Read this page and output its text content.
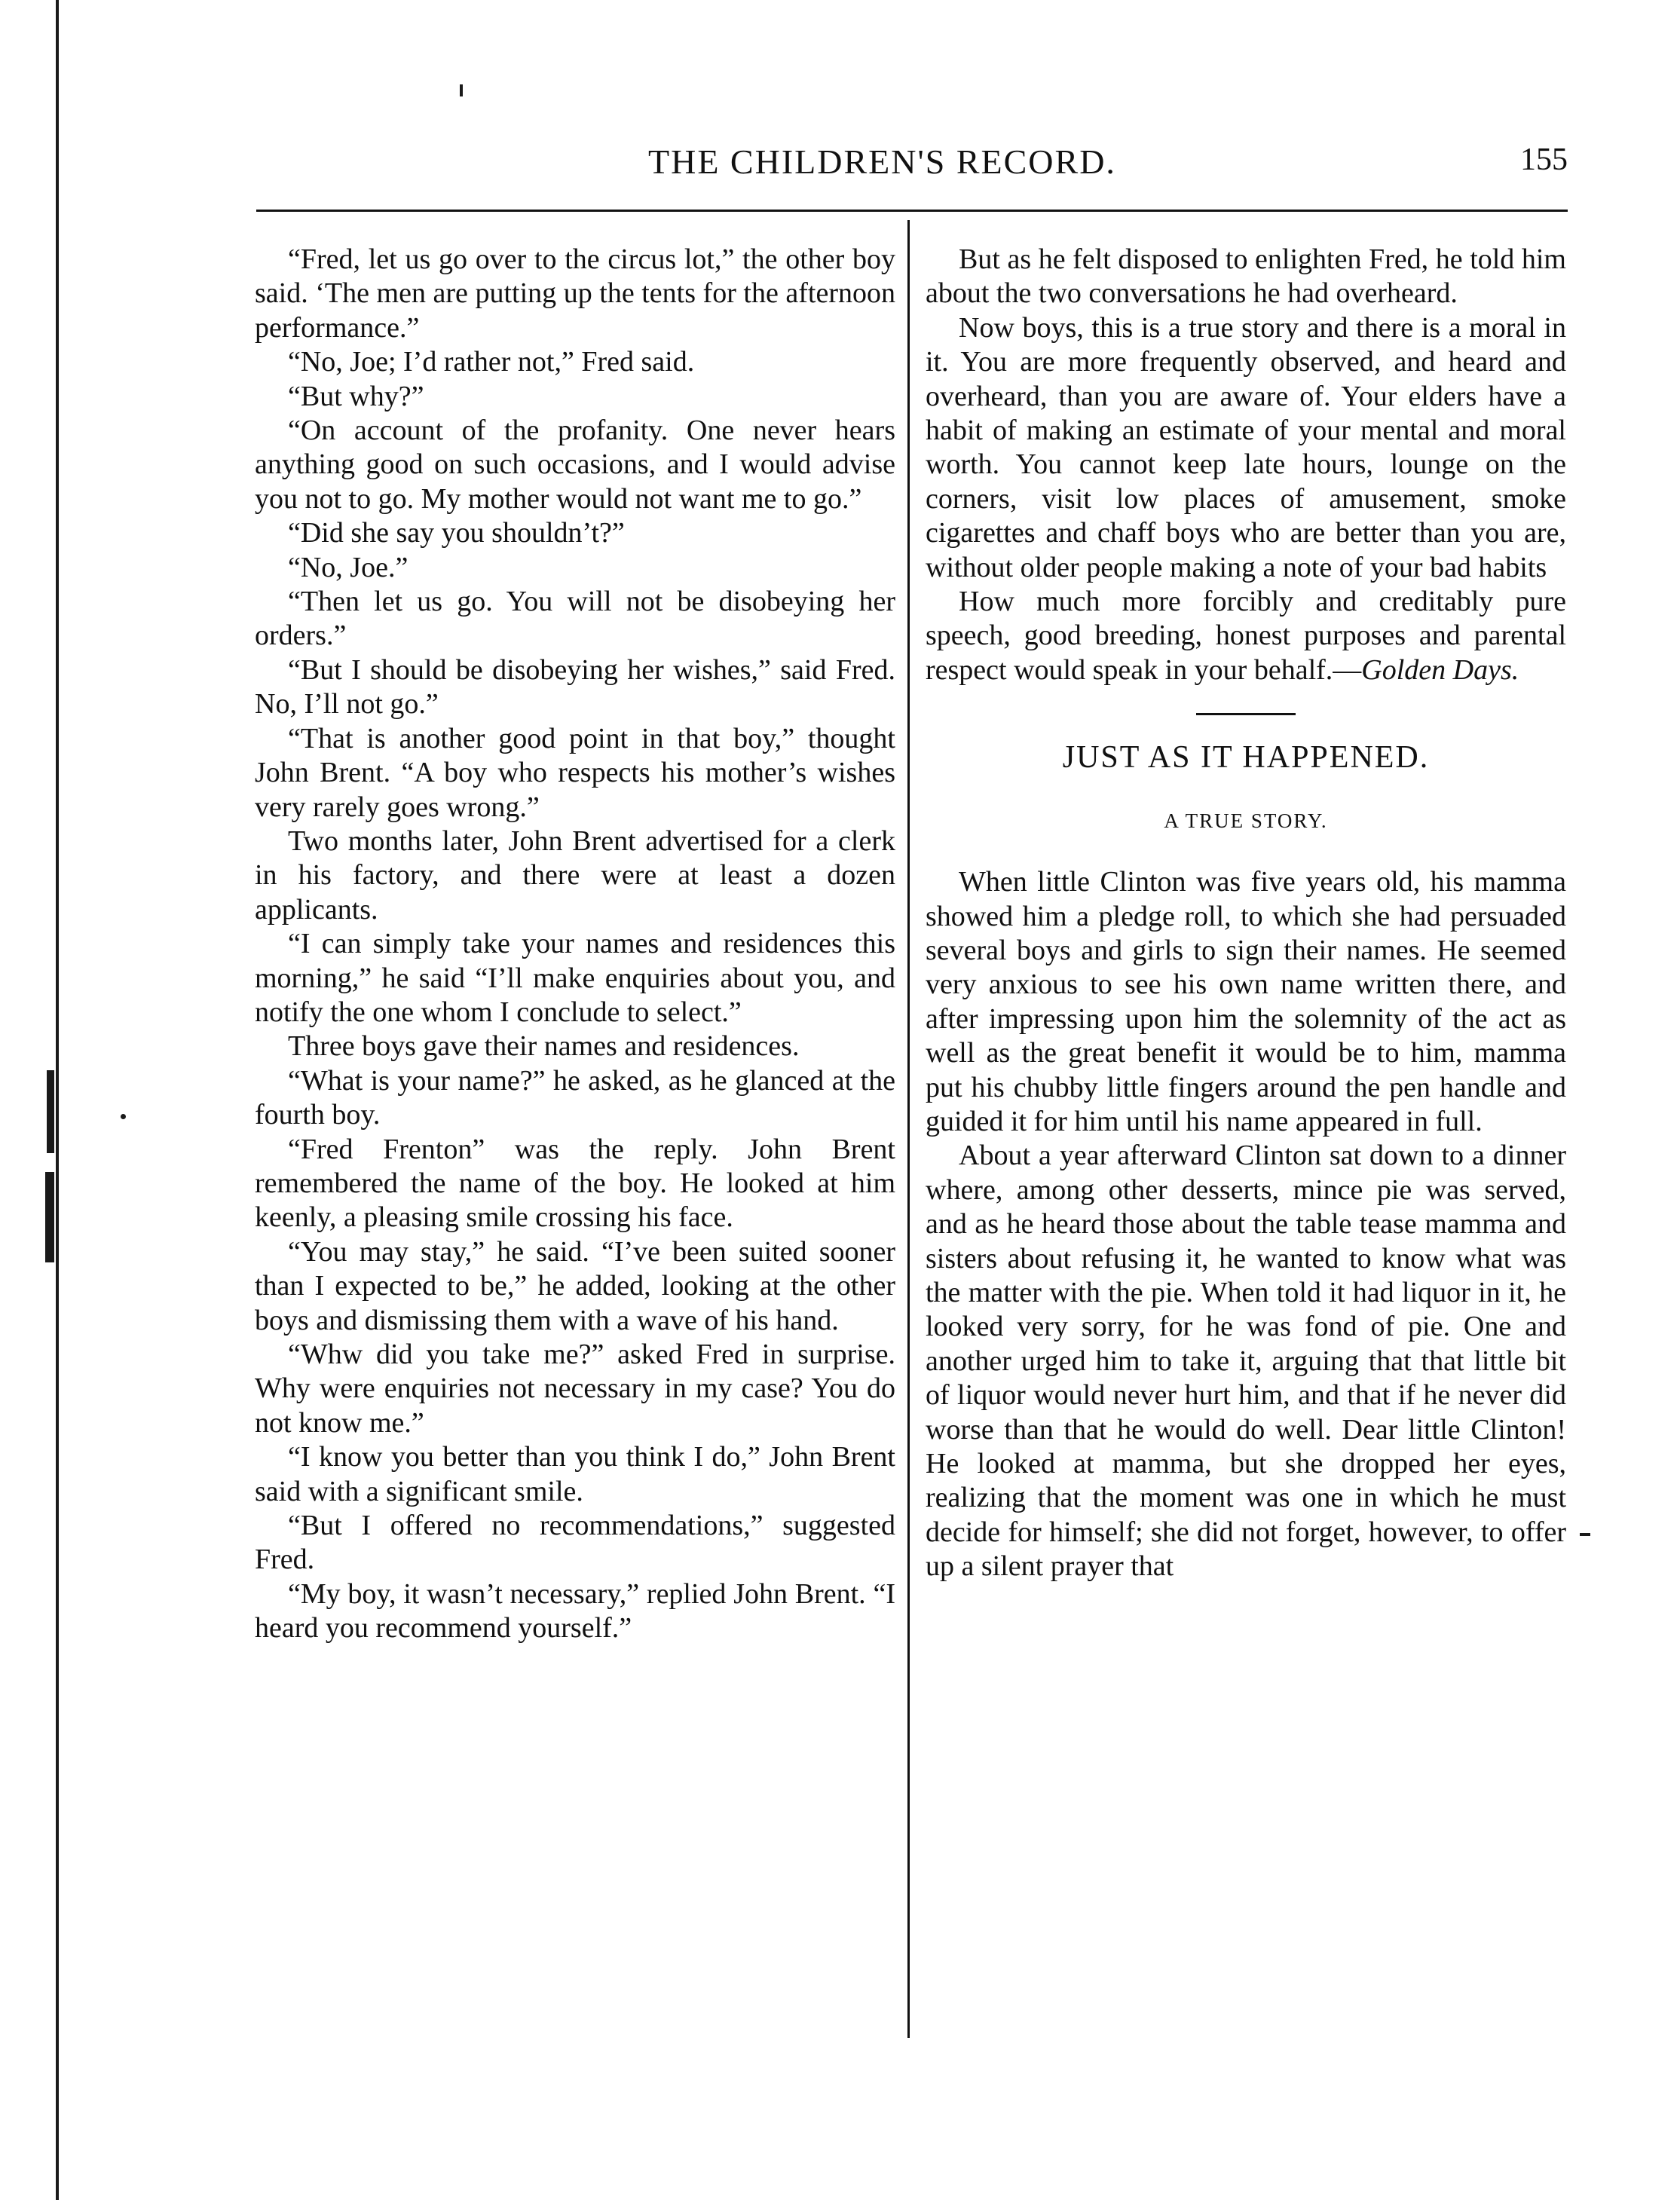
THE CHILDREN'S RECORD.	155

“Fred, let us go over to the circus lot,” the other boy said. ‘The men are putting up the tents for the afternoon performance.”

“No, Joe; I’d rather not,” Fred said.

“But why?”

“On account of the profanity. One never hears anything good on such occasions, and I would advise you not to go. My mother would not want me to go.”

“Did she say you shouldn’t?”

“No, Joe.”

“Then let us go. You will not be disobeying her orders.”

“But I should be disobeying her wishes,” said Fred. No, I’ll not go.”

“That is another good point in that boy,” thought John Brent. “A boy who respects his mother’s wishes very rarely goes wrong.”

Two months later, John Brent advertised for a clerk in his factory, and there were at least a dozen applicants.

“I can simply take your names and residences this morning,” he said “I’ll make enquiries about you, and notify the one whom I conclude to select.”

Three boys gave their names and residences.

“What is your name?” he asked, as he glanced at the fourth boy.

“Fred Frenton” was the reply. John Brent remembered the name of the boy. He looked at him keenly, a pleasing smile crossing his face.

“You may stay,” he said. “I’ve been suited sooner than I expected to be,” he added, looking at the other boys and dismissing them with a wave of his hand.

“Whw did you take me?” asked Fred in surprise. Why were enquiries not necessary in my case? You do not know me.”

“I know you better than you think I do,” John Brent said with a significant smile.

“But I offered no recommendations,” suggested Fred.

“My boy, it wasn’t necessary,” replied John Brent. “I heard you recommend yourself.”

But as he felt disposed to enlighten Fred, he told him about the two conversations he had overheard.

Now boys, this is a true story and there is a moral in it. You are more frequently observed, and heard and overheard, than you are aware of. Your elders have a habit of making an estimate of your mental and moral worth. You cannot keep late hours, lounge on the corners, visit low places of amusement, smoke cigarettes and chaff boys who are better than you are, without older people making a note of your bad habits

How much more forcibly and creditably pure speech, good breeding, honest purposes and parental respect would speak in your behalf.—Golden Days.

JUST AS IT HAPPENED.
A TRUE STORY.

When little Clinton was five years old, his mamma showed him a pledge roll, to which she had persuaded several boys and girls to sign their names. He seemed very anxious to see his own name written there, and after impressing upon him the solemnity of the act as well as the great benefit it would be to him, mamma put his chubby little fingers around the pen handle and guided it for him until his name appeared in full.

About a year afterward Clinton sat down to a dinner where, among other desserts, mince pie was served, and as he heard those about the table tease mamma and sisters about refusing it, he wanted to know what was the matter with the pie. When told it had liquor in it, he looked very sorry, for he was fond of pie. One and another urged him to take it, arguing that that little bit of liquor would never hurt him, and that if he never did worse than that he would do well. Dear little Clinton! He looked at mamma, but she dropped her eyes, realizing that the moment was one in which he must decide for himself; she did not forget, however, to offer up a silent prayer that
